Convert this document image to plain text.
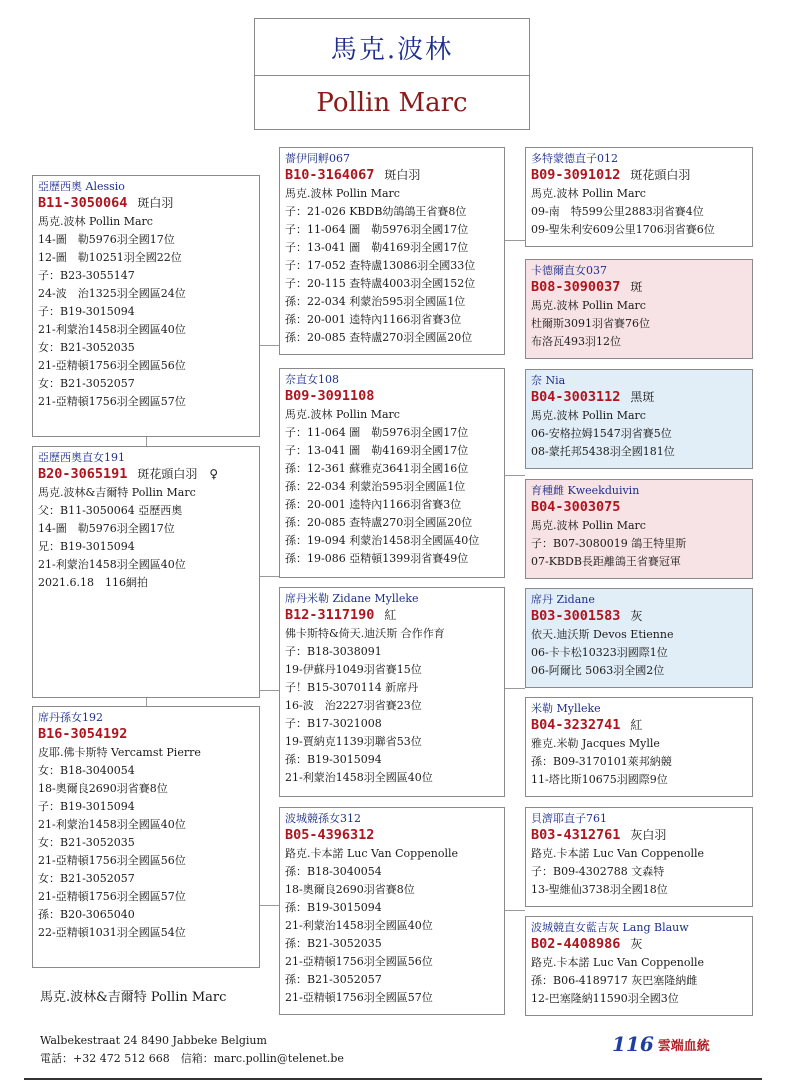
馬克.波林
Pollin Marc
亞歷西奧 Alessio
B11-3050064 斑白羽
馬克.波林 Pollin Marc
14-圖　勒5976羽全國17位
12-圖　勒10251羽全國22位
子：B23-3055147
24-波　治1325羽全國區24位
子：B19-3015094
21-利蒙治1458羽全國區40位
女：B21-3052035
21-亞精頓1756羽全國區56位
女：B21-3052057
21-亞精頓1756羽全國區57位
亞歷西奧直女191
B20-3065191 斑花頭白羽　♀
馬克.波林&吉爾特 Pollin Marc
父：B11-3050064 亞歷西奧
14-圖　勒5976羽全國17位
兄：B19-3015094
21-利蒙治1458羽全國區40位
2021.6.18　116網拍
席丹孫女192
B16-3054192
皮耶.佛卡斯特 Vercamst Pierre
女：B18-3040054
18-奧爾良2690羽省賽8位
子：B19-3015094
21-利蒙治1458羽全國區40位
女：B21-3052035
21-亞精頓1756羽全國區56位
女：B21-3052057
21-亞精頓1756羽全國區57位
孫：B20-3065040
22-亞精頓1031羽全國區54位
薔伊同孵067
B10-3164067 斑白羽
馬克.波林 Pollin Marc
子：21-026 KBDB幼鴿鴿王省賽8位
子：11-064 圖　勒5976羽全國17位
子：13-041 圖　勒4169羽全國17位
子：17-052 查特盧13086羽全國33位
子：20-115 查特盧4003羽全國152位
孫：22-034 利蒙治595羽全國區1位
孫：20-001 逵特內1166羽省賽3位
孫：20-085 查特盧270羽全國區20位
奈直女108
B09-3091108
馬克.波林 Pollin Marc
子：11-064 圖　勒5976羽全國17位
子：13-041 圖　勒4169羽全國17位
孫：12-361 蘇雅克3641羽全國16位
孫：22-034 利蒙治595羽全國區1位
孫：20-001 逵特內1166羽省賽3位
孫：20-085 查特盧270羽全國區20位
孫：19-094 利蒙治1458羽全國區40位
孫：19-086 亞精頓1399羽省賽49位
席丹米勒 Zidane Mylleke
B12-3117190 紅
佛卡斯特&倚天.迪沃斯 合作作育
子：B18-3038091
19-伊蘇丹1049羽省賽15位
子！B15-3070114 新席丹
16-波　治2227羽省賽23位
子：B17-3021008
19-賈納克1139羽聯省53位
孫：B19-3015094
21-利蒙治1458羽全國區40位
波城競孫女312
B05-4396312
路克.卡本諾 Luc Van Coppenolle
孫：B18-3040054
18-奧爾良2690羽省賽8位
孫：B19-3015094
21-利蒙治1458羽全國區40位
孫：B21-3052035
21-亞精頓1756羽全國區56位
孫：B21-3052057
21-亞精頓1756羽全國區57位
多特蒙德直子012
B09-3091012 斑花頭白羽
馬克.波林 Pollin Marc
09-南　特599公里2883羽省賽4位
09-聖朱利安609公里1706羽省賽6位
卡德爾直女037
B08-3090037 斑
馬克.波林 Pollin Marc
杜爾斯3091羽省賽76位
布洛瓦493羽12位
奈 Nia
B04-3003112 黑斑
馬克.波林 Pollin Marc
06-安格拉姆1547羽省賽5位
08-蒙托邦5438羽全國181位
育種雌 Kweekduivin
B04-3003075
馬克.波林 Pollin Marc
子：B07-3080019 鴿王特里斯
07-KBDB長距離鴿王省賽冠軍
席丹 Zidane
B03-3001583 灰
依天.迪沃斯 Devos Etienne
06-卡卡松10323羽國際1位
06-阿爾比 5063羽全國2位
米勒 Mylleke
B04-3232741 紅
雅克.米勒 Jacques Mylle
孫：B09-3170101萊邦納競
11-塔比斯10675羽國際9位
貝濟耶直子761
B03-4312761 灰白羽
路克.卡本諾 Luc Van Coppenolle
子：B09-4302788 文森特
13-聖維仙3738羽全國18位
波城競直女藍吉灰 Lang Blauw
B02-4408986 灰
路克.卡本諾 Luc Van Coppenolle
孫：B06-4189717 灰巴塞隆納雌
12-巴塞隆納11590羽全國3位
馬克.波林&吉爾特 Pollin Marc
Walbekestraat 24 8490 Jabbeke Belgium
電話：+32 472 512 668　信箱：marc.pollin@telenet.be
116 雲端血統
